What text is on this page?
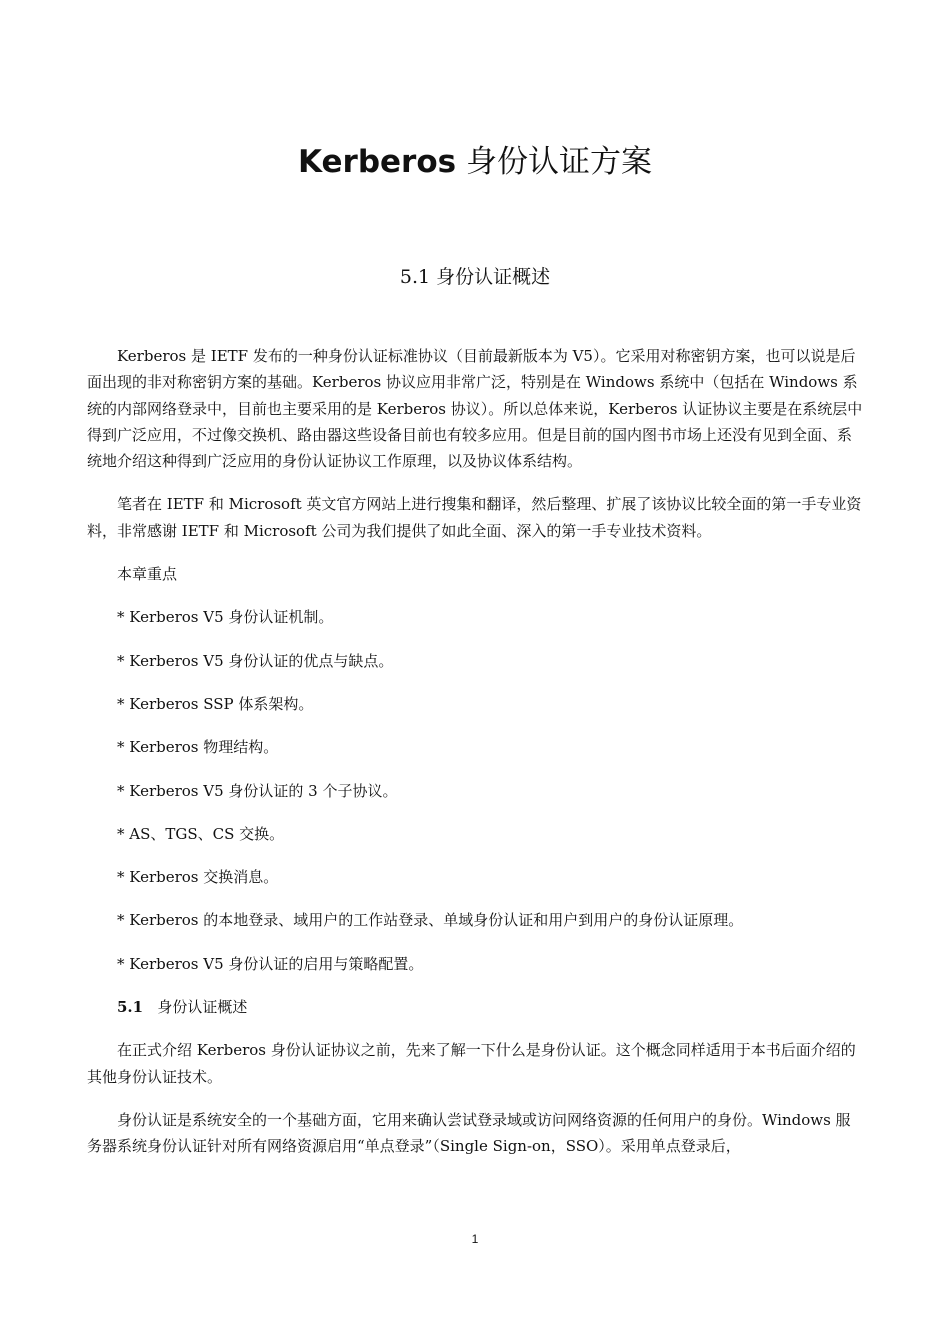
Kerberos 身份认证方案
5.1 身份认证概述

Kerberos 是 IETF 发布的一种身份认证标准协议（目前最新版本为 V5）。它采用对称密钥方案，也可以说是后面出现的非对称密钥方案的基础。Kerberos 协议应用非常广泛，特别是在 Windows 系统中（包括在 Windows 系统的内部网络登录中，目前也主要采用的是 Kerberos 协议）。所以总体来说，Kerberos 认证协议主要是在系统层中得到广泛应用，不过像交换机、路由器这些设备目前也有较多应用。但是目前的国内图书市场上还没有见到全面、系统地介绍这种得到广泛应用的身份认证协议工作原理，以及协议体系结构。

笔者在 IETF 和 Microsoft 英文官方网站上进行搜集和翻译，然后整理、扩展了该协议比较全面的第一手专业资料，非常感谢 IETF 和 Microsoft 公司为我们提供了如此全面、深入的第一手专业技术资料。

本章重点

* Kerberos V5 身份认证机制。

* Kerberos V5 身份认证的优点与缺点。

* Kerberos SSP 体系架构。

* Kerberos 物理结构。

* Kerberos V5 身份认证的 3 个子协议。

* AS、TGS、CS 交换。

* Kerberos 交换消息。

* Kerberos 的本地登录、域用户的工作站登录、单域身份认证和用户到用户的身份认证原理。

* Kerberos V5 身份认证的启用与策略配置。

5.1 身份认证概述

在正式介绍 Kerberos 身份认证协议之前，先来了解一下什么是身份认证。这个概念同样适用于本书后面介绍的其他身份认证技术。

身份认证是系统安全的一个基础方面，它用来确认尝试登录域或访问网络资源的任何用户的身份。Windows 服务器系统身份认证针对所有网络资源启用“单点登录”（Single Sign-on，SSO）。采用单点登录后，

1
